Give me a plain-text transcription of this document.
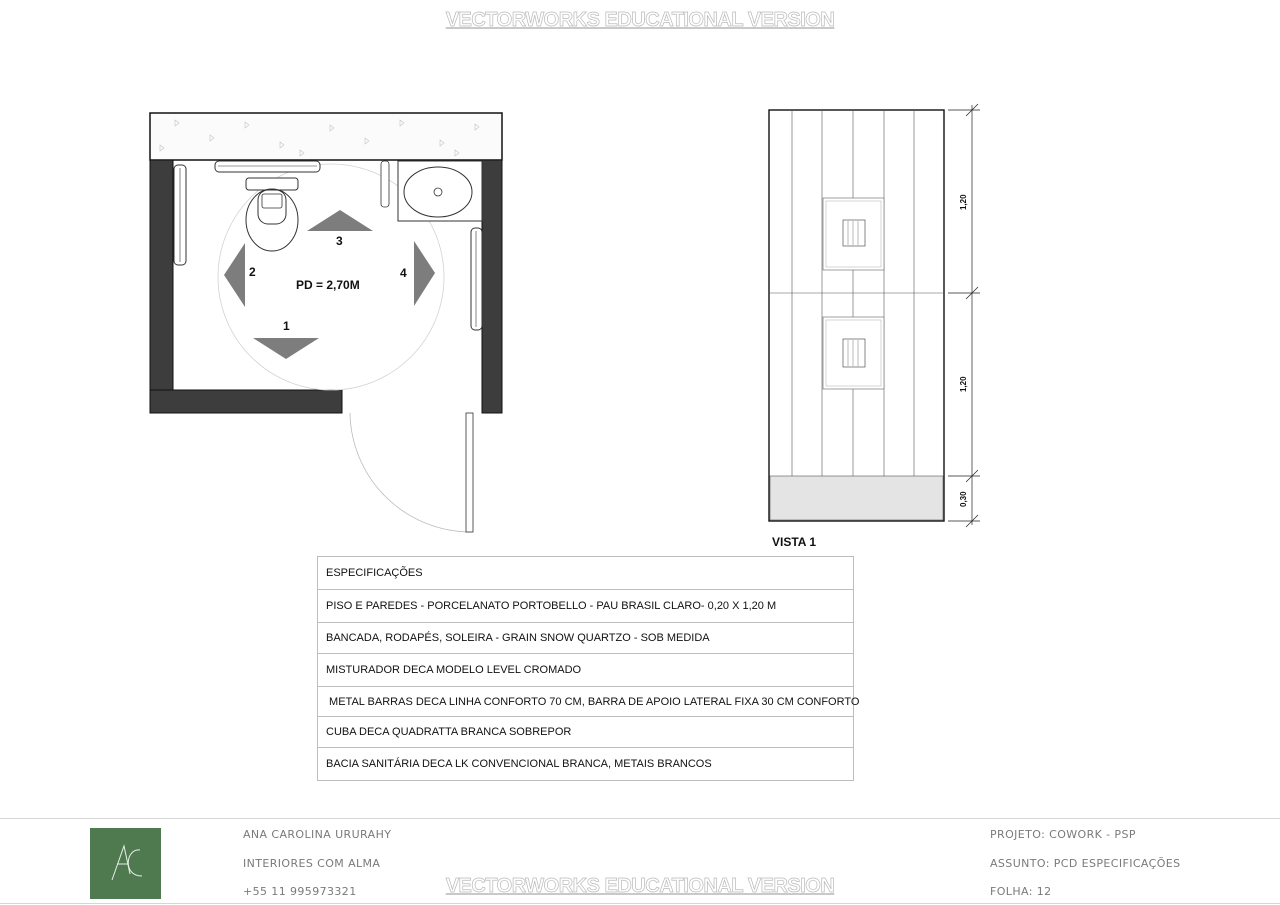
VECTORWORKS EDUCATIONAL VERSION
1
2
3
4
PD = 2,70M
1,20
1,20
0,30
VISTA 1
ESPECIFICAÇÕES
PISO E PAREDES - PORCELANATO PORTOBELLO - PAU BRASIL CLARO- 0,20 X 1,20 M
BANCADA, RODAPÉS, SOLEIRA - GRAIN SNOW QUARTZO - SOB MEDIDA
MISTURADOR DECA MODELO LEVEL CROMADO
METAL BARRAS DECA LINHA CONFORTO 70 CM, BARRA DE APOIO LATERAL FIXA 30 CM CONFORTO
CUBA DECA QUADRATTA BRANCA SOBREPOR
BACIA SANITÁRIA DECA LK CONVENCIONAL BRANCA, METAIS BRANCOS
ANA CAROLINA URURAHY
INTERIORES COM ALMA
+55 11 995973321
PROJETO: COWORK - PSP
ASSUNTO: PCD ESPECIFICAÇÕES
FOLHA: 12
VECTORWORKS EDUCATIONAL VERSION
